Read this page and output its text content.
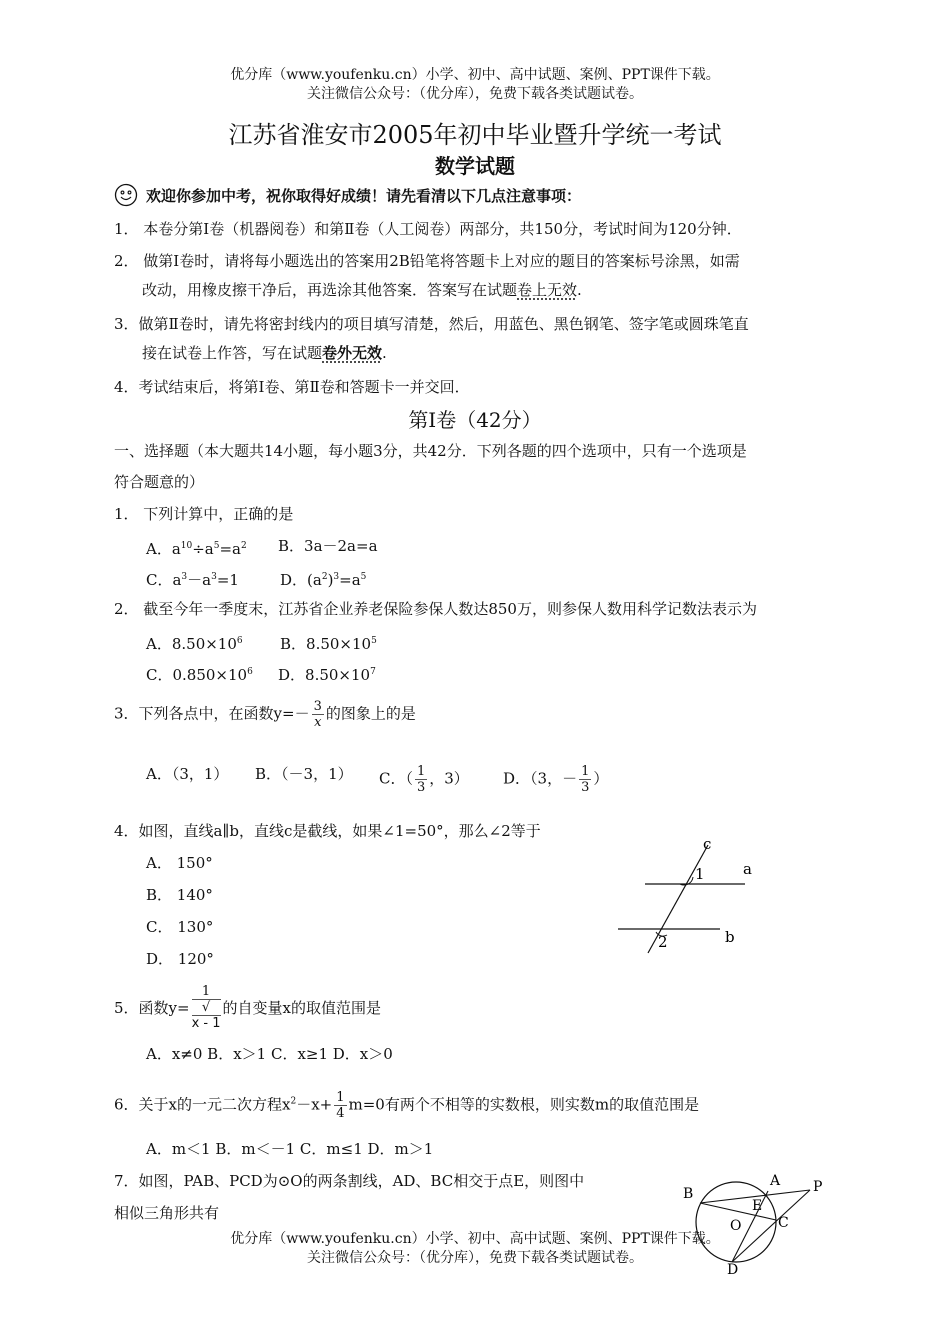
优分库（www.youfenku.cn）小学、初中、高中试题、案例、PPT课件下载。
关注微信公众号：（优分库），免费下载各类试题试卷。
江苏省淮安市2005年初中毕业暨升学统一考试
数学试题
欢迎你参加中考，祝你取得好成绩！请先看清以下几点注意事项：
1． 本卷分第Ⅰ卷（机器阅卷）和第Ⅱ卷（人工阅卷）两部分，共150分，考试时间为120分钟．
2． 做第Ⅰ卷时，请将每小题选出的答案用2B铅笔将答题卡上对应的题目的答案标号涂黑，如需
改动，用橡皮擦干净后，再选涂其他答案．答案写在试题卷上无效.
3．做第Ⅱ卷时，请先将密封线内的项目填写清楚，然后，用蓝色、黑色钢笔、签字笔或圆珠笔直
接在试卷上作答，写在试题卷外无效.
4．考试结束后，将第Ⅰ卷、第Ⅱ卷和答题卡一并交回．
第Ⅰ卷（42分）
一、选择题（本大题共14小题，每小题3分，共42分．下列各题的四个选项中，只有一个选项是
符合题意的）
1． 下列计算中，正确的是
A．$a^{10}\div a^5=a^2$ B．3a－2a=a
C．$a^3-a^3=1$	D．$(a^2)^3=a^5$
2． 截至今年一季度末，江苏省企业养老保险参保人数达850万，则参保人数用科学记数法表示为
A．$8.50\times 10^6$ B．$8.50\times 10^5$
C．$0.850\times 10^6$ D．$8.50\times 10^7$
3．下列各点中，在函数$y=- \frac{3}{x}$ 的图象上的是
A．（3，1） B．（－3，1） C．（ $\frac{1}{3}$ ，3） D．（3，－ $\frac{1}{3}$ ）
4．如图，直线a∥b，直线c是截线，如果∠1=50°，那么∠2等于
A． 150°
B． 140°
C． 130°
D． 120°
c
a
b
1
2
5．函数y= 1
√
x - 1 的自变量x的取值范围是
A．x≠0 B．x＞1 C．x≥1 D．x＞0
6．关于x的一元二次方程$x^2-x+ \frac{1}{4} m=0$有两个不相等的实数根，则实数m的取值范围是
A．m＜1 B．m＜－1 C．m≤1 D．m＞1
7．如图，PAB、PCD为⊙O的两条割线，AD、BC相交于点E，则图中
相似三角形共有
A
B
C
D
E
O
P
优分库（www.youfenku.cn）小学、初中、高中试题、案例、PPT课件下载。
关注微信公众号：（优分库），免费下载各类试题试卷。
